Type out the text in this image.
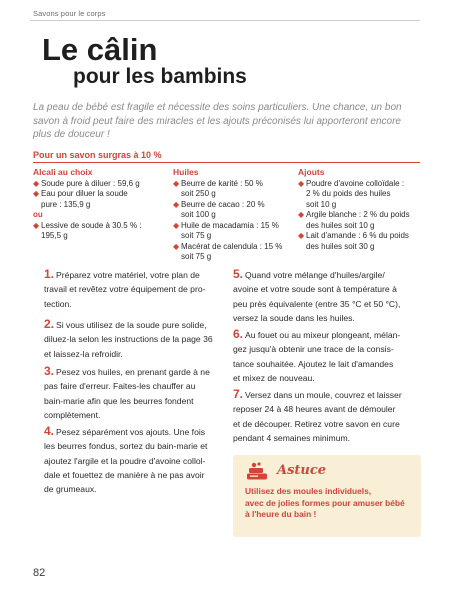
Savons pour le corps
Le câlin
pour les bambins
La peau de bébé est fragile et nécessite des soins particuliers. Une chance, un bon savon à froid peut faire des miracles et les ajouts préconisés lui apporteront encore plus de douceur !
Pour un savon surgras à 10 %
Alcali au choix
◆ Soude pure à diluer : 59,6 g
◆ Eau pour diluer la soude
pure : 135,9 g
ou
◆ Lessive de soude à 30.5 % :
195,5 g
Huiles
◆ Beurre de karité : 50 %
soit 250 g
◆ Beurre de cacao : 20 %
soit 100 g
◆ Huile de macadamia : 15 %
soit 75 g
◆ Macérat de calendula : 15 %
soit 75 g
Ajouts
◆ Poudre d'avoine colloïdale :
2 % du poids des huiles
soit 10 g
◆ Argile blanche : 2 % du poids
des huiles soit 10 g
◆ Lait d'amande : 6 % du poids
des huiles soit 30 g
1. Préparez votre matériel, votre plan de
travail et revêtez votre équipement de pro-
tection.
2. Si vous utilisez de la soude pure solide,
diluez-la selon les instructions de la page 36
et laissez-la refroidir.
3. Pesez vos huiles, en prenant garde à ne
pas faire d'erreur. Faites-les chauffer au
bain-marie afin que les beurres fondent
complètement.
4. Pesez séparément vos ajouts. Une fois
les beurres fondus, sortez du bain-marie et
ajoutez l'argile et la poudre d'avoine collol-
dale et fouettez de manière à ne pas avoir
de grumeaux.
5. Quand votre mélange d'huiles/argile/
avoine et votre soude sont à température à
peu près équivalente (entre 35 °C et 50 °C),
versez la soude dans les huiles.
6. Au fouet ou au mixeur plongeant, mélan-
gez jusqu'à obtenir une trace de la consis-
tance souhaitée. Ajoutez le lait d'amandes
et mixez de nouveau.
7. Versez dans un moule, couvrez et laisser
reposer 24 à 48 heures avant de démouler
et de découper. Retirez votre savon en cure
pendant 4 semaines minimum.
Astuce
Utilisez des moules individuels,
avec de jolies formes pour amuser bébé
à l'heure du bain !
82
